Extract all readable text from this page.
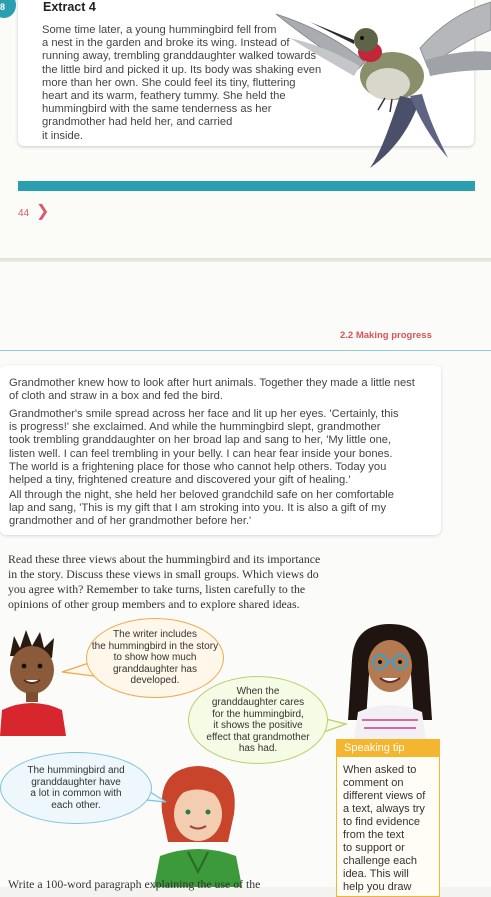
8	Extract 4
Some time later, a young hummingbird fell from
a nest in the garden and broke its wing. Instead of
running away, trembling granddaughter walked towards
the little bird and picked it up. Its body was shaking even
more than her own. She could feel its tiny, fluttering
heart and its warm, feathery tummy. She held the
hummingbird with the same tenderness as her
grandmother had held her, and carried
it inside.
44 ❯
2.2 Making progress
Grandmother knew how to look after hurt animals. Together they made a little nest
of cloth and straw in a box and fed the bird.
Grandmother's smile spread across her face and lit up her eyes. 'Certainly, this
is progress!' she exclaimed. And while the hummingbird slept, grandmother
took trembling granddaughter on her broad lap and sang to her, 'My little one,
listen well. I can feel trembling in your belly. I can hear fear inside your bones.
The world is a frightening place for those who cannot help others. Today you
helped a tiny, frightened creature and discovered your gift of healing.'
All through the night, she held her beloved grandchild safe on her comfortable
lap and sang, 'This is my gift that I am stroking into you. It is also a gift of my
grandmother and of her grandmother before her.'
Read these three views about the hummingbird and its importance
in the story. Discuss these views in small groups. Which views do
you agree with? Remember to take turns, listen carefully to the
opinions of other group members and to explore shared ideas.
The writer includes
the hummingbird in the story
to show how much
granddaughter has
developed.
When the
granddaughter cares
for the hummingbird,
it shows the positive
effect that grandmother
has had.
The hummingbird and
granddaughter have
a lot in common with
each other.
Speaking tip
When asked to
comment on
different views of
a text, always try
to find evidence
from the text
to support or
challenge each
idea. This will
help you draw
Write a 100-word paragraph explaining the use of the
